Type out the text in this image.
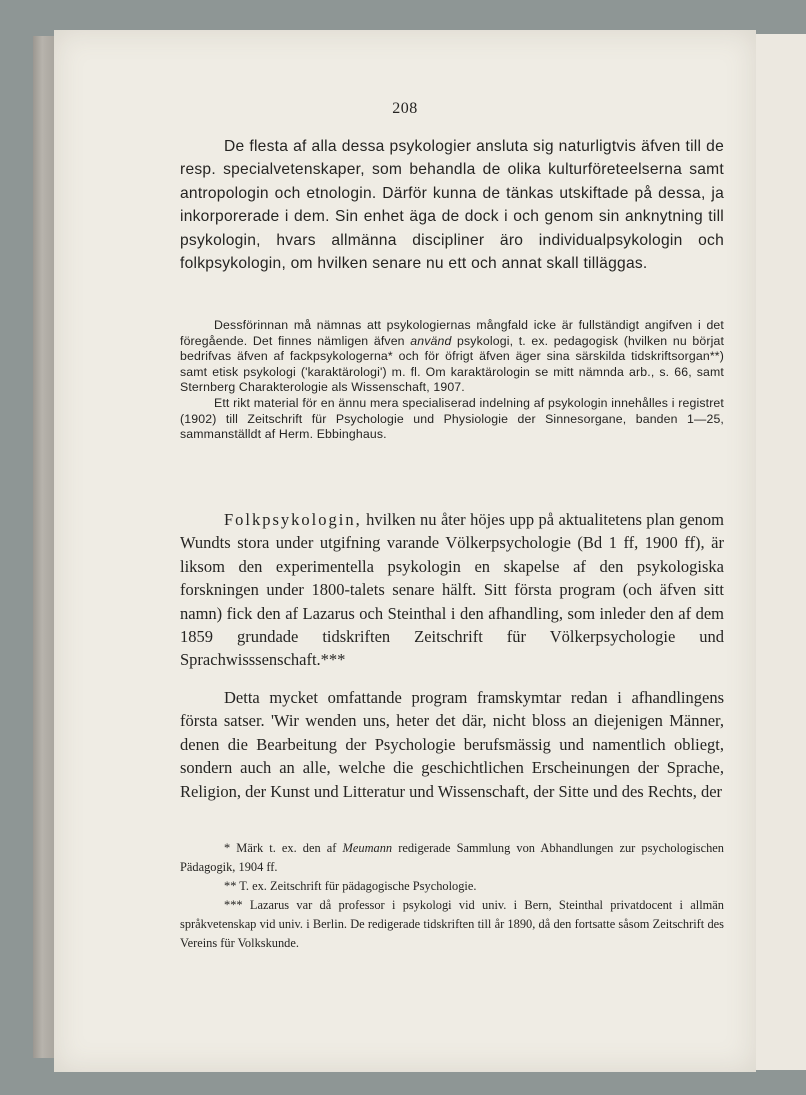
208

De flesta af alla dessa psykologier ansluta sig naturligtvis äfven till de resp. specialvetenskaper, som behandla de olika kulturföreteelserna samt antropologin och etnologin. Därför kunna de tänkas utskiftade på dessa, ja inkorporerade i dem. Sin enhet äga de dock i och genom sin anknytning till psykologin, hvars allmänna discipliner äro individualpsykologin och folkpsykologin, om hvilken senare nu ett och annat skall tilläggas.

Dessförinnan må nämnas att psykologiernas mångfald icke är fullständigt angifven i det föregående. Det finnes nämligen äfven använd psykologi, t. ex. pedagogisk (hvilken nu börjat bedrifvas äfven af fackpsykologerna* och för öfrigt äfven äger sina särskilda tidskriftsorgan**) samt etisk psykologi ('karaktärologi') m. fl. Om karaktärologin se mitt nämnda arb., s. 66, samt Sternberg Charakterologie als Wissenschaft, 1907.

Ett rikt material för en ännu mera specialiserad indelning af psykologin innehålles i registret (1902) till Zeitschrift für Psychologie und Physiologie der Sinnesorgane, banden 1—25, sammanställdt af Herm. Ebbinghaus.

Folkpsykologin, hvilken nu åter höjes upp på aktualitetens plan genom Wundts stora under utgifning varande Völkerpsychologie (Bd 1 ff, 1900 ff), är liksom den experimentella psykologin en skapelse af den psykologiska forskningen under 1800-talets senare hälft. Sitt första program (och äfven sitt namn) fick den af Lazarus och Steinthal i den afhandling, som inleder den af dem 1859 grundade tidskriften Zeitschrift für Völkerpsychologie und Sprachwisssenschaft.***

Detta mycket omfattande program framskymtar redan i afhandlingens första satser. 'Wir wenden uns, heter det där, nicht bloss an diejenigen Männer, denen die Bearbeitung der Psychologie berufsmässig und namentlich obliegt, sondern auch an alle, welche die geschichtlichen Erscheinungen der Sprache, Religion, der Kunst und Litteratur und Wissenschaft, der Sitte und des Rechts, der

* Märk t. ex. den af Meumann redigerade Sammlung von Abhandlungen zur psychologischen Pädagogik, 1904 ff.

** T. ex. Zeitschrift für pädagogische Psychologie.

*** Lazarus var då professor i psykologi vid univ. i Bern, Steinthal privatdocent i allmän språkvetenskap vid univ. i Berlin. De redigerade tidskriften till år 1890, då den fortsatte såsom Zeitschrift des Vereins für Volkskunde.
